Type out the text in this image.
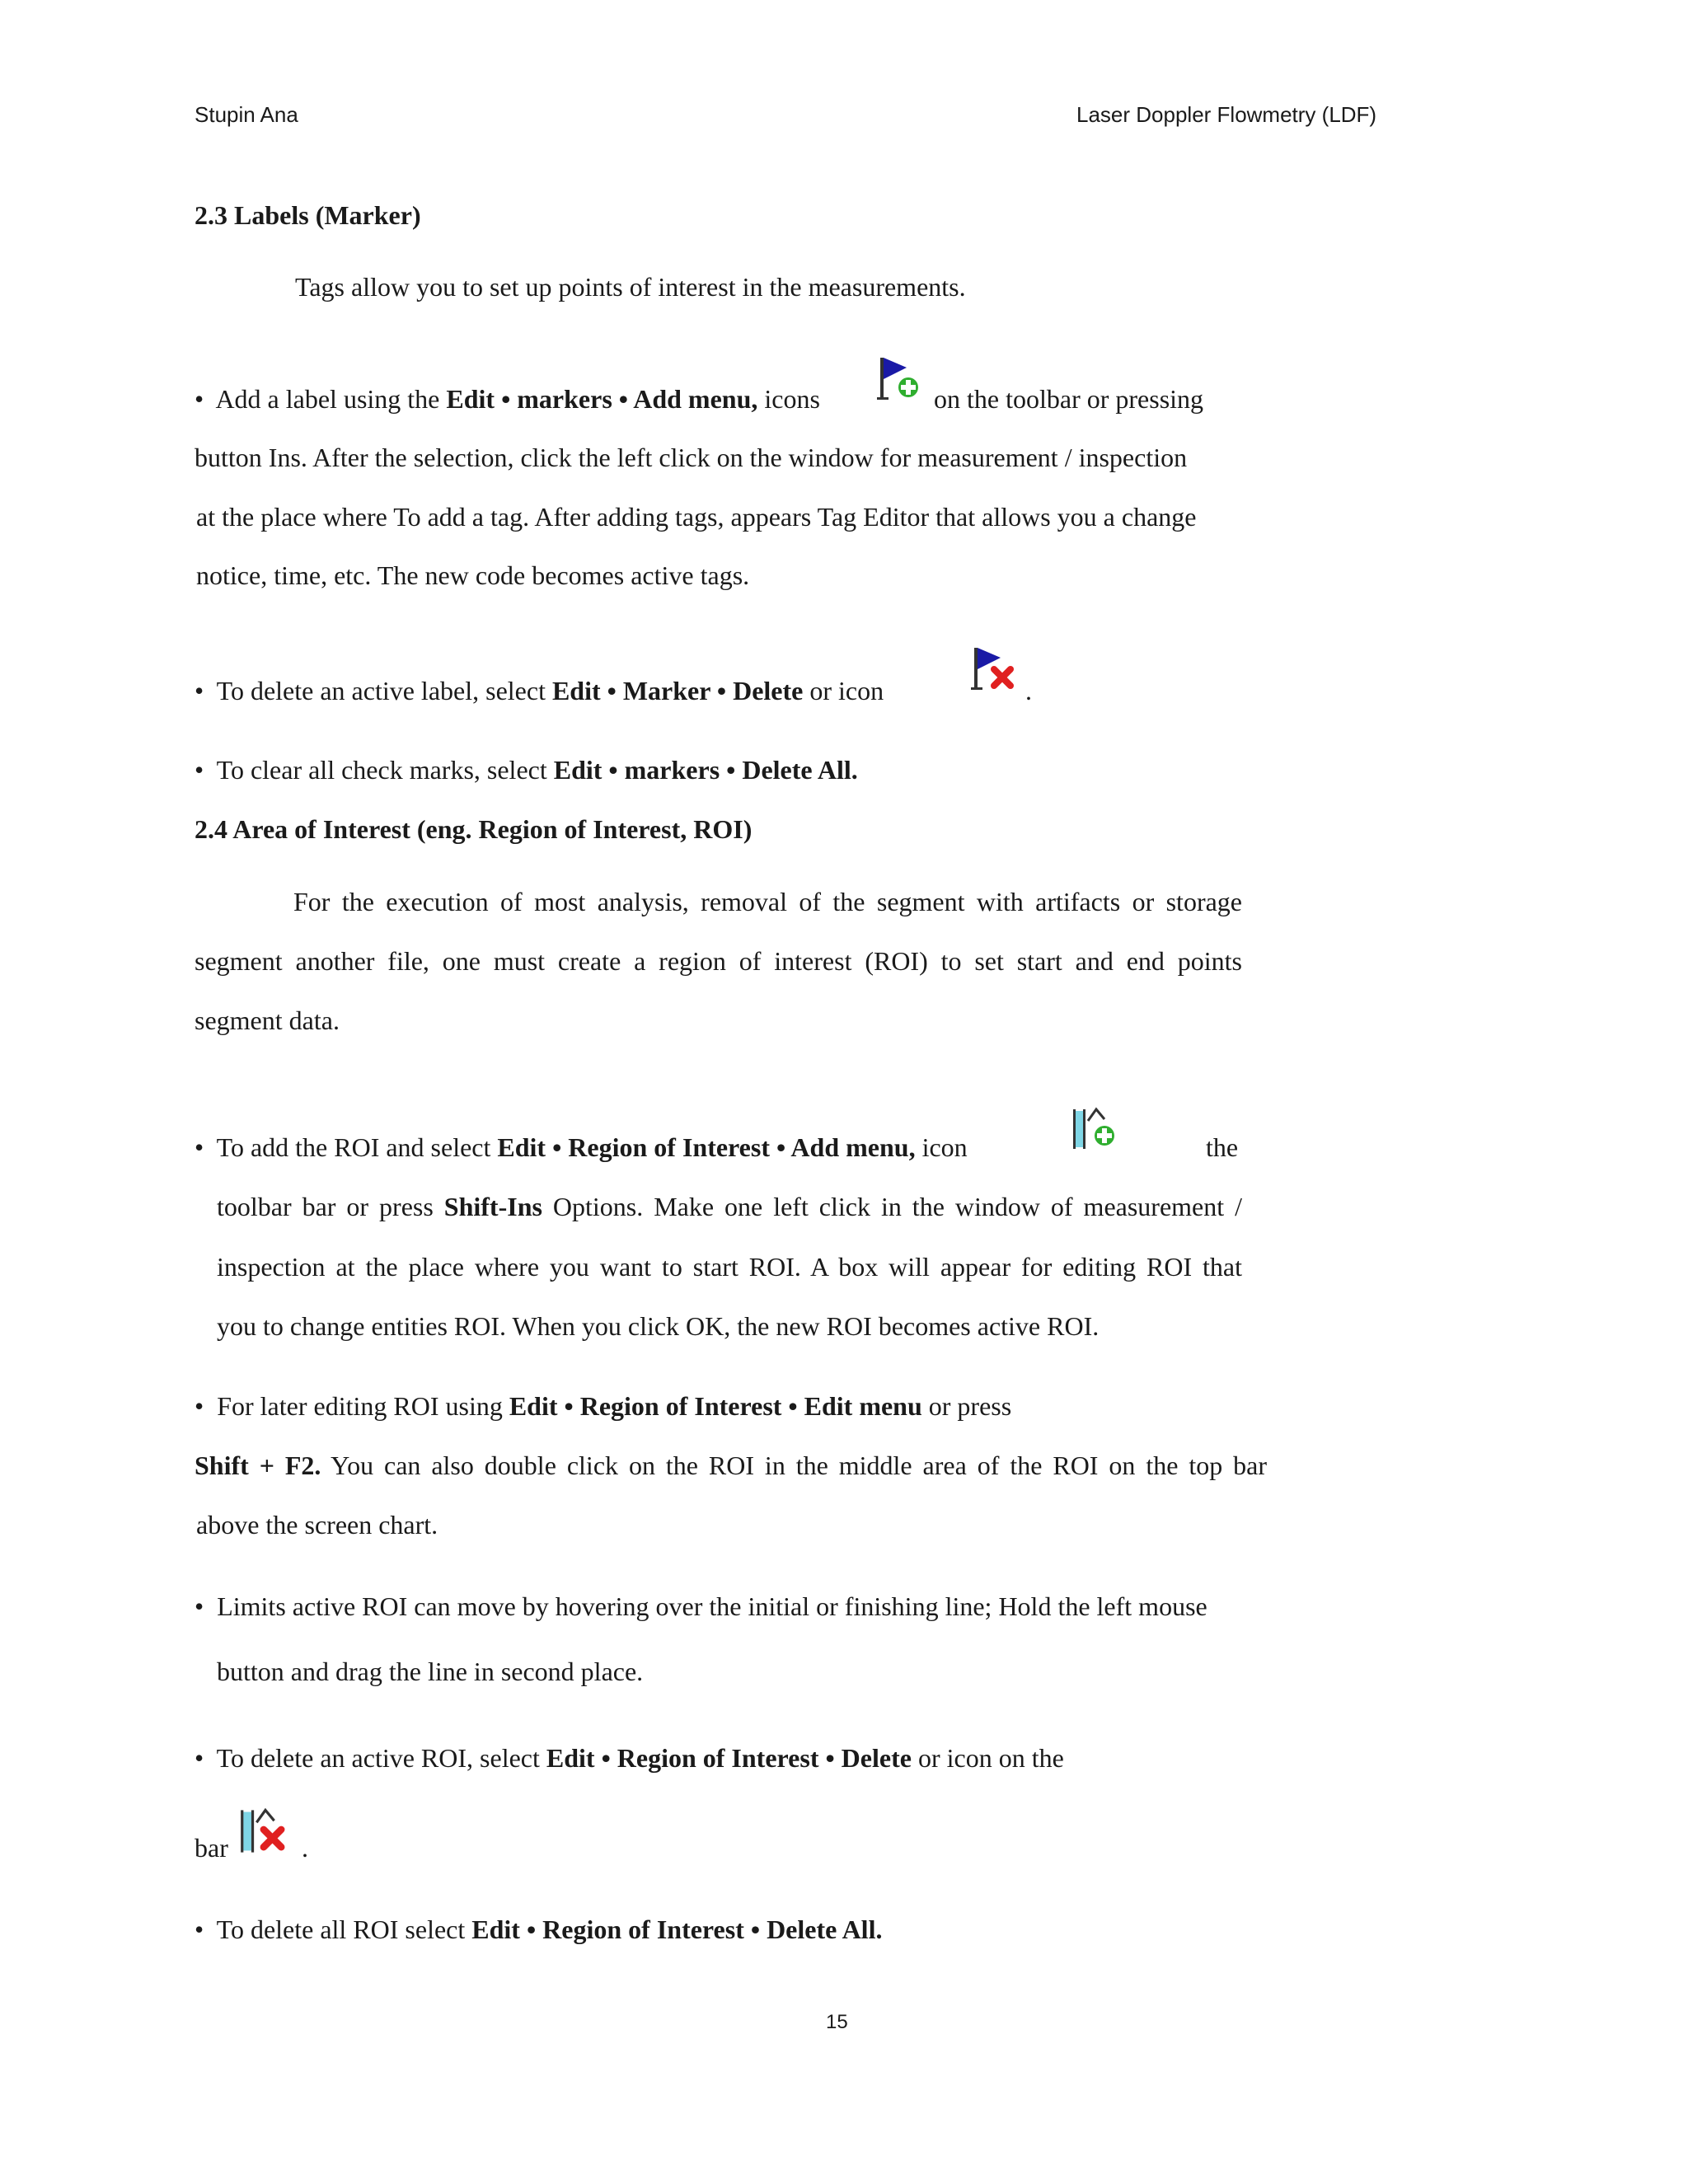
Stupin Ana	Laser Doppler Flowmetry (LDF)
2.3 Labels (Marker)
Tags allow you to set up points of interest in the measurements.
• Add a label using the Edit • markers • Add menu, icons	on the toolbar or pressing
button Ins. After the selection, click the left click on the window for measurement / inspection
at the place where To add a tag. After adding tags, appears Tag Editor that allows you a change
notice, time, etc. The new code becomes active tags.
• To delete an active label, select Edit • Marker • Delete or icon	.
• To clear all check marks, select Edit • markers • Delete All.
2.4 Area of Interest (eng. Region of Interest, ROI)
For the execution of most analysis, removal of the segment with artifacts or storage
segment another file, one must create a region of interest (ROI) to set start and end points
segment data.
• To add the ROI and select Edit • Region of Interest • Add menu, icon	the
toolbar bar or press Shift-Ins Options. Make one left click in the window of measurement /
inspection at the place where you want to start ROI. A box will appear for editing ROI that
you to change entities ROI. When you click OK, the new ROI becomes active ROI.
• For later editing ROI using Edit • Region of Interest • Edit menu or press
Shift + F2. You can also double click on the ROI in the middle area of the ROI on the top bar
above the screen chart.
• Limits active ROI can move by hovering over the initial or finishing line; Hold the left mouse
button and drag the line in second place.
• To delete an active ROI, select Edit • Region of Interest • Delete or icon on the
bar	.
• To delete all ROI select Edit • Region of Interest • Delete All.
15
